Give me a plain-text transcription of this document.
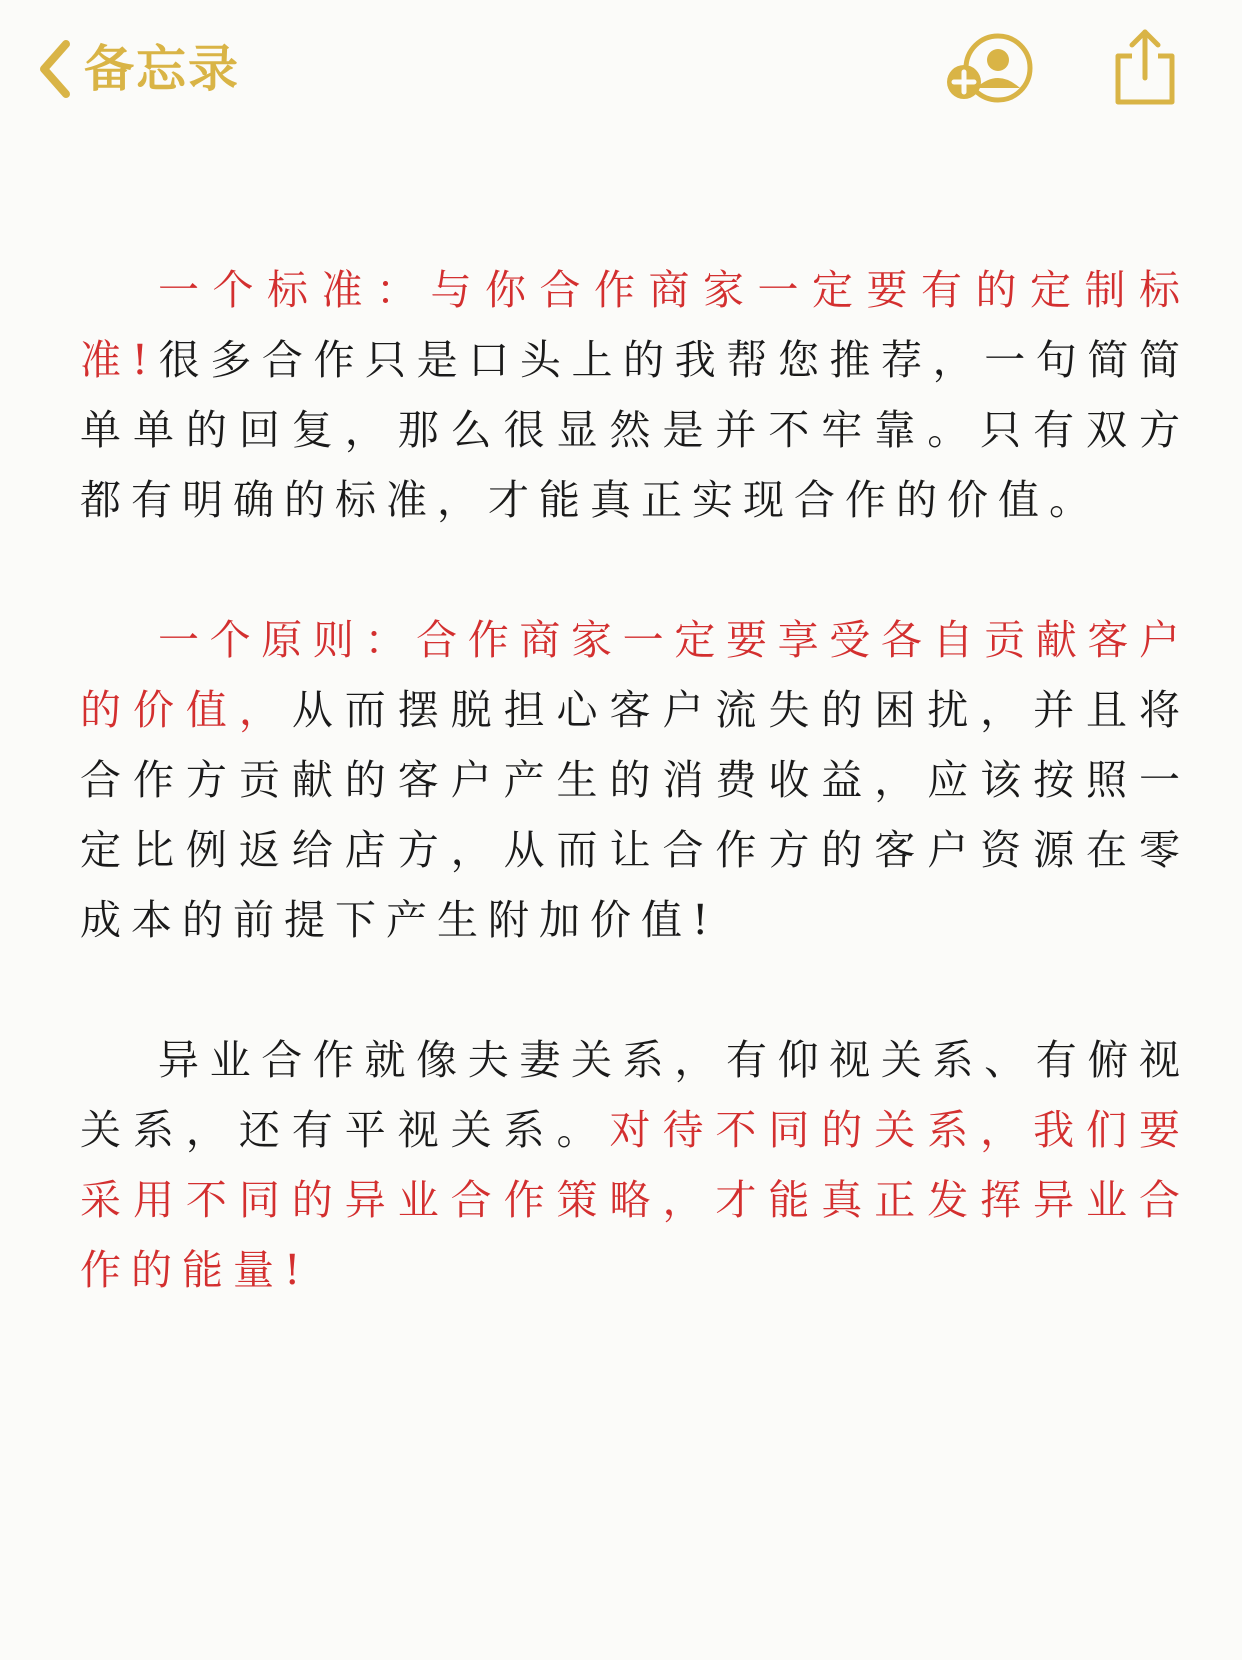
备忘录

一个标准：与你合作商家一定要有的定制标准!很多合作只是口头上的我帮您推荐，一句简简单单的回复，那么很显然是并不牢靠。只有双方都有明确的标准，才能真正实现合作的价值。

一个原则：合作商家一定要享受各自贡献客户的价值，从而摆脱担心客户流失的困扰，并且将合作方贡献的客户产生的消费收益，应该按照一定比例返给店方，从而让合作方的客户资源在零成本的前提下产生附加价值!

异业合作就像夫妻关系，有仰视关系、有俯视关系，还有平视关系。对待不同的关系，我们要采用不同的异业合作策略，才能真正发挥异业合作的能量!
